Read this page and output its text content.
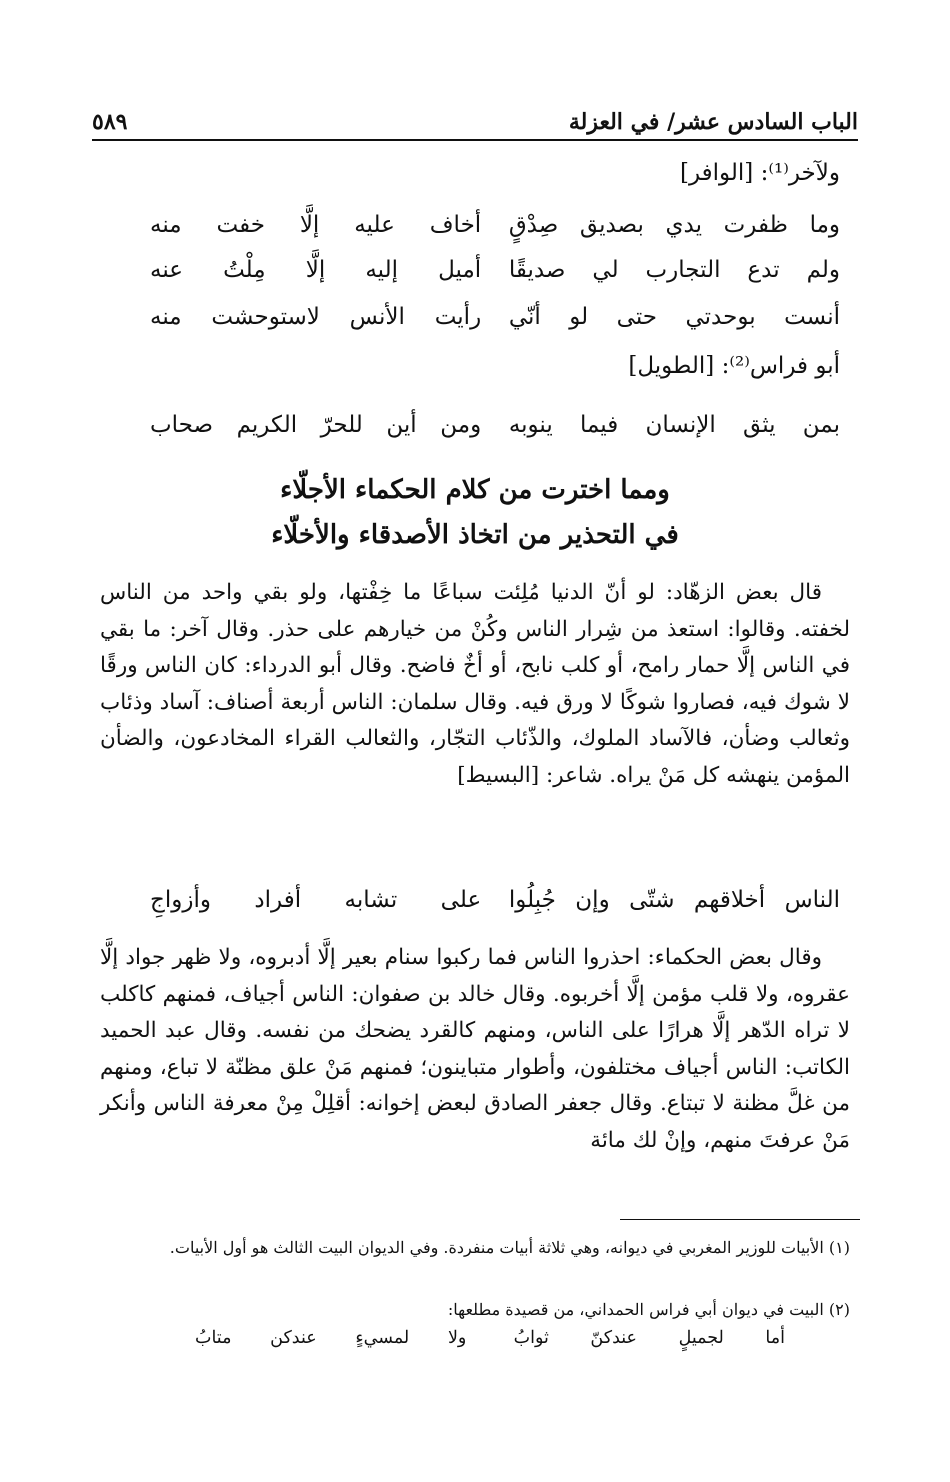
الباب السادس عشر/ في العزلة
٥٨٩
ولآخر⁽¹⁾: [الوافر]
وما ظفرت يدي بصديق صِدْقٍ
أخاف عليه إلَّا خفت منه
ولم تدع التجارب لي صديقًا
أميل إليه إلَّا مِلْتُ عنه
أنست بوحدتي حتى لو أنّي
رأيت الأنس لاستوحشت منه
أبو فراس⁽²⁾: [الطويل]
بمن يثق الإنسان فيما ينوبه
ومن أين للحرّ الكريم صحاب
ومما اخترت من كلام الحكماء الأجلّاء
في التحذير من اتخاذ الأصدقاء والأخلّاء

قال بعض الزهّاد: لو أنّ الدنيا مُلِئت سباعًا ما خِفْتها، ولو بقي واحد من الناس لخفته. وقالوا: استعذ من شِرار الناس وكُنْ من خيارهم على حذر. وقال آخر: ما بقي في الناس إلَّا حمار رامح، أو كلب نابح، أو أخٌ فاضح. وقال أبو الدرداء: كان الناس ورقًا لا شوك فيه، فصاروا شوكًا لا ورق فيه. وقال سلمان: الناس أربعة أصناف: آساد وذئاب وثعالب وضأن، فالآساد الملوك، والذّئاب التجّار، والثعالب القراء المخادعون، والضأن المؤمن ينهشه كل مَنْ يراه. شاعر: [البسيط]

الناس أخلاقهم شتّى وإن جُبِلُوا
على تشابه أفراد وأزواجِ

وقال بعض الحكماء: احذروا الناس فما ركبوا سنام بعير إلَّا أدبروه، ولا ظهر جواد إلَّا عقروه، ولا قلب مؤمن إلَّا أخربوه. وقال خالد بن صفوان: الناس أجياف، فمنهم كاكلب لا تراه الدّهر إلَّا هرارًا على الناس، ومنهم كالقرد يضحك من نفسه. وقال عبد الحميد الكاتب: الناس أجياف مختلفون، وأطوار متباينون؛ فمنهم مَنْ علق مظنّة لا تباع، ومنهم من غلَّ مظنة لا تبتاع. وقال جعفر الصادق لبعض إخوانه: أقلِلْ مِنْ معرفة الناس وأنكر مَنْ عرفتَ منهم، وإنْ لك مائة

(١) الأبيات للوزير المغربي في ديوانه، وهي ثلاثة أبيات منفردة. وفي الديوان البيت الثالث هو أول الأبيات.

(٢) البيت في ديوان أبي فراس الحمداني، من قصيدة مطلعها:

أما لجميلٍ عندكنّ ثوابُ
ولا لمسيءٍ عندكن متابُ
